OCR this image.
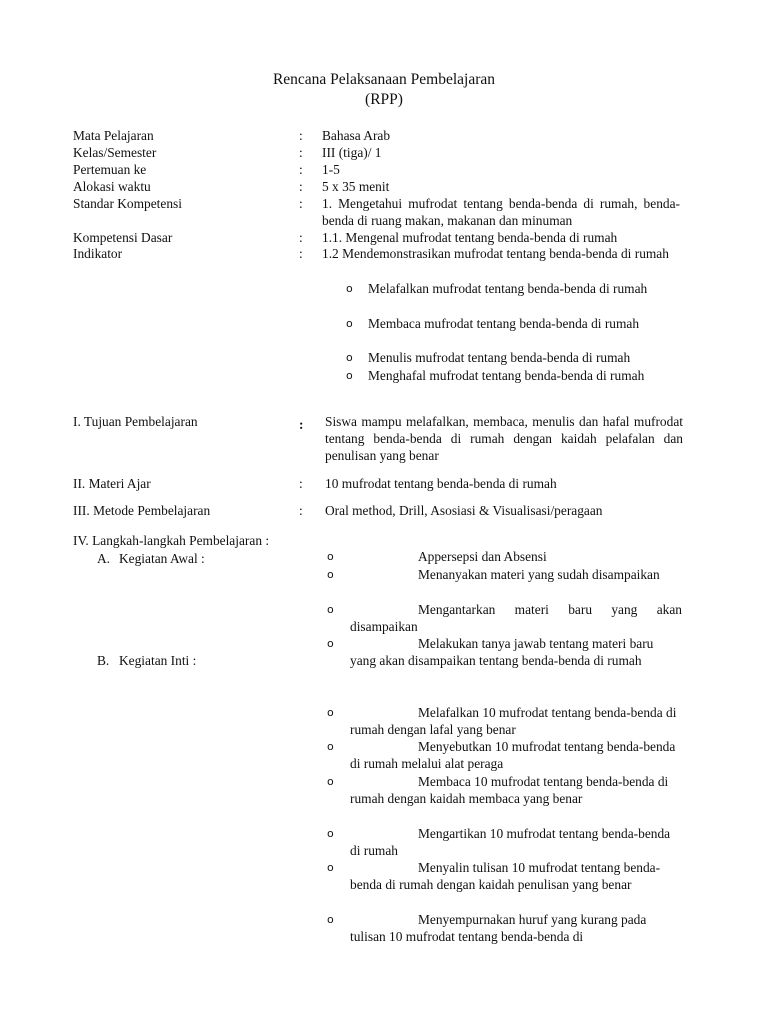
Rencana Pelaksanaan Pembelajaran
(RPP)
Mata Pelajaran	: Bahasa Arab
Kelas/Semester	: III (tiga)/ 1
Pertemuan ke	: 1-5
Alokasi waktu	: 5 x 35 menit
Standar Kompetensi	: 1. Mengetahui mufrodat tentang benda-benda di rumah, benda-benda di ruang makan, makanan dan minuman
Kompetensi Dasar	: 1.1. Mengenal mufrodat tentang benda-benda di rumah
Indikator	: 1.2 Mendemonstrasikan mufrodat tentang benda-benda di rumah
o Melafalkan mufrodat tentang benda-benda di rumah
o Membaca mufrodat tentang benda-benda di rumah
o Menulis mufrodat tentang benda-benda di rumah
o Menghafal mufrodat tentang benda-benda di rumah
I. Tujuan Pembelajaran	: Siswa mampu melafalkan, membaca, menulis dan hafal mufrodat tentang benda-benda di rumah dengan kaidah pelafalan dan penulisan yang benar
II. Materi Ajar	: 10 mufrodat tentang benda-benda di rumah
III. Metode Pembelajaran	: Oral method, Drill, Asosiasi & Visualisasi/peragaan
IV. Langkah-langkah Pembelajaran :
A. Kegiatan Awal :	o	Appersepsi dan Absensi
o	Menanyakan materi yang sudah disampaikan
o	Mengantarkan materi baru yang akan disampaikan
o	Melakukan tanya jawab tentang materi baru yang akan disampaikan tentang benda-benda di rumah
B. Kegiatan Inti :
o	Melafalkan 10 mufrodat tentang benda-benda di rumah dengan lafal yang benar
o	Menyebutkan 10 mufrodat tentang benda-benda di rumah melalui alat peraga
o	Membaca 10 mufrodat tentang benda-benda di rumah dengan kaidah membaca yang benar
o	Mengartikan 10 mufrodat tentang benda-benda di rumah
o	Menyalin tulisan 10 mufrodat tentang benda-benda di rumah dengan kaidah penulisan yang benar
o	Menyempurnakan huruf yang kurang pada tulisan 10 mufrodat tentang benda-benda di
